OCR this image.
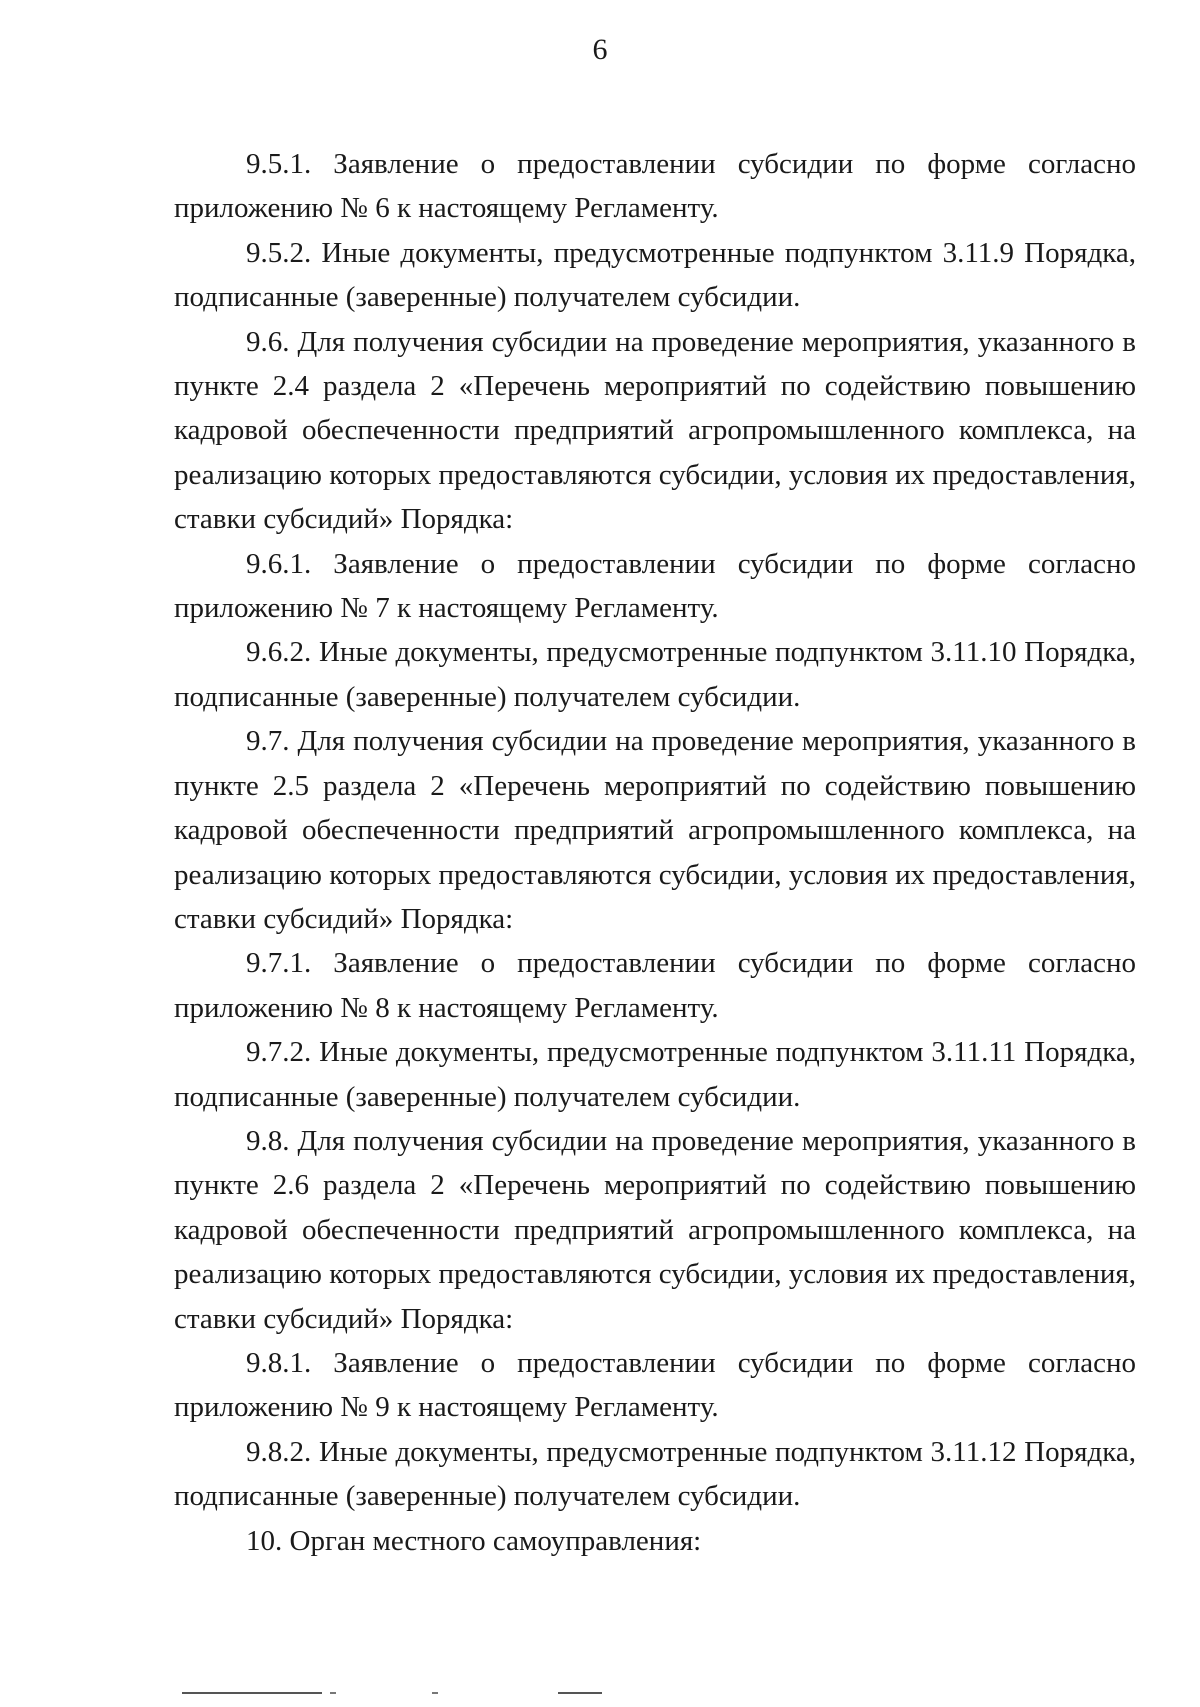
6

9.5.1. Заявление о предоставлении субсидии по форме согласно приложению № 6 к настоящему Регламенту.

9.5.2. Иные документы, предусмотренные подпунктом 3.11.9 Порядка, подписанные (заверенные) получателем субсидии.

9.6. Для получения субсидии на проведение мероприятия, указанного в пункте 2.4 раздела 2 «Перечень мероприятий по содействию повышению кадровой обеспеченности предприятий агропромышленного комплекса, на реализацию которых предоставляются субсидии, условия их предоставления, ставки субсидий» Порядка:

9.6.1. Заявление о предоставлении субсидии по форме согласно приложению № 7 к настоящему Регламенту.

9.6.2. Иные документы, предусмотренные подпунктом 3.11.10 Порядка, подписанные (заверенные) получателем субсидии.

9.7. Для получения субсидии на проведение мероприятия, указанного в пункте 2.5 раздела 2 «Перечень мероприятий по содействию повышению кадровой обеспеченности предприятий агропромышленного комплекса, на реализацию которых предоставляются субсидии, условия их предоставления, ставки субсидий» Порядка:

9.7.1. Заявление о предоставлении субсидии по форме согласно приложению № 8 к настоящему Регламенту.

9.7.2. Иные документы, предусмотренные подпунктом 3.11.11 Порядка, подписанные (заверенные) получателем субсидии.

9.8. Для получения субсидии на проведение мероприятия, указанного в пункте 2.6 раздела 2 «Перечень мероприятий по содействию повышению кадровой обеспеченности предприятий агропромышленного комплекса, на реализацию которых предоставляются субсидии, условия их предоставления, ставки субсидий» Порядка:

9.8.1. Заявление о предоставлении субсидии по форме согласно приложению № 9 к настоящему Регламенту.

9.8.2. Иные документы, предусмотренные подпунктом 3.11.12 Порядка, подписанные (заверенные) получателем субсидии.

10. Орган местного самоуправления:
